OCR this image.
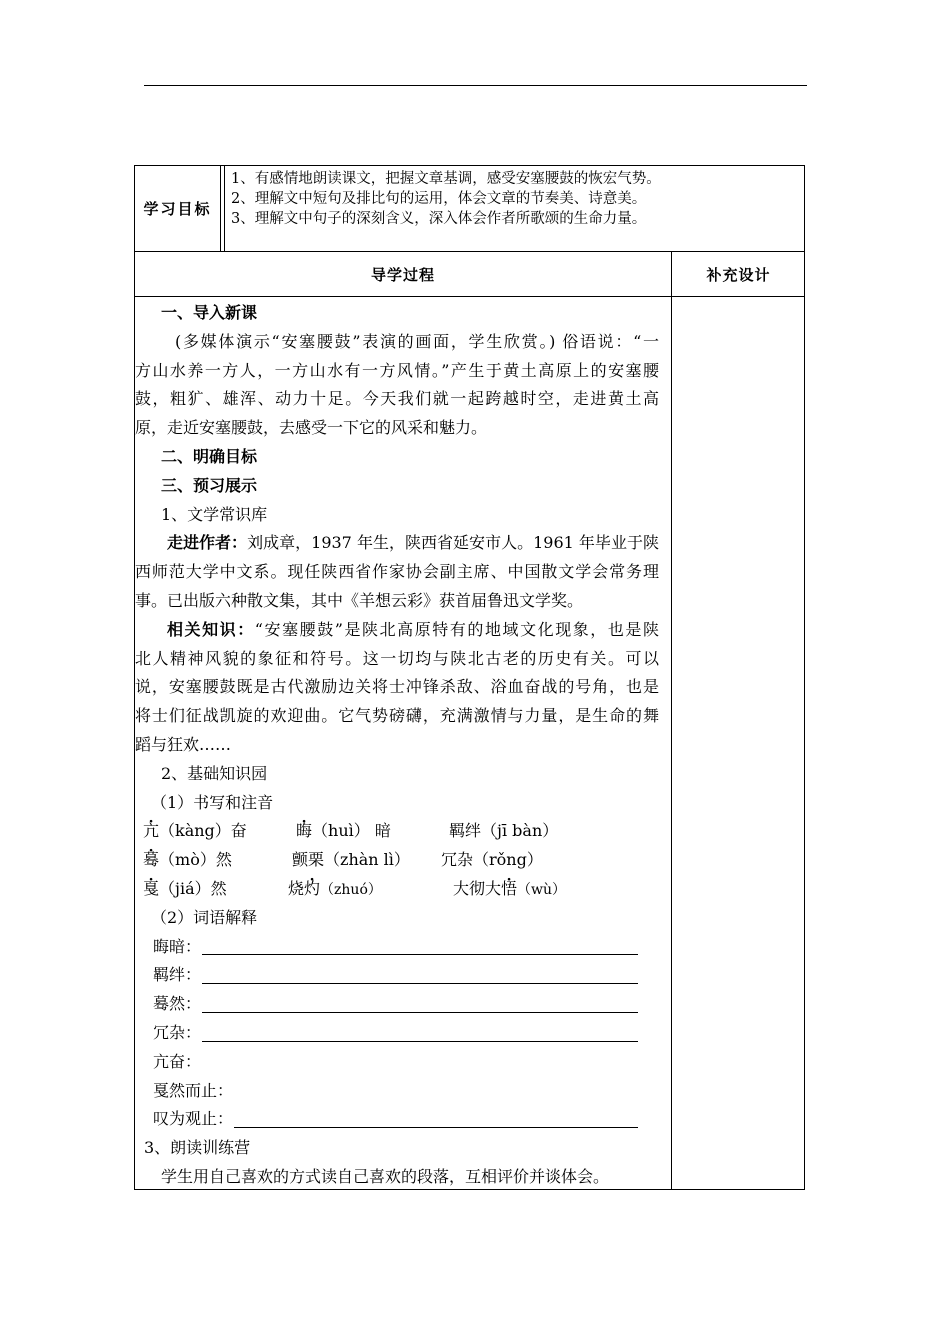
学习目标
1、有感情地朗读课文，把握文章基调，感受安塞腰鼓的恢宏气势。
2、理解文中短句及排比句的运用，体会文章的节奏美、诗意美。
3、理解文中句子的深刻含义，深入体会作者所歌颂的生命力量。
导学过程	补充设计
一、导入新课
(多媒体演示“安塞腰鼓”表演的画面，学生欣赏。) 俗语说：“一
方山水养一方人，一方山水有一方风情。”产生于黄土高原上的安塞腰
鼓，粗犷、雄浑、动力十足。今天我们就一起跨越时空，走进黄土高
原，走近安塞腰鼓，去感受一下它的风采和魅力。
二、明确目标
三、预习展示
1、文学常识库
走进作者：刘成章，1937 年生，陕西省延安市人。1961 年毕业于陕
西师范大学中文系。现任陕西省作家协会副主席、中国散文学会常务理
事。已出版六种散文集，其中《羊想云彩》获首届鲁迅文学奖。
相关知识：“安塞腰鼓”是陕北高原特有的地域文化现象，也是陕
北人精神风貌的象征和符号。这一切均与陕北古老的历史有关。可以
说，安塞腰鼓既是古代激励边关将士冲锋杀敌、浴血奋战的号角，也是
将士们征战凯旋的欢迎曲。它气势磅礴，充满激情与力量，是生命的舞
蹈与狂欢……
2、基础知识园
（1）书写和注音
亢（kàng）奋	晦（huì） 暗	羁绊（jī bàn）
蓦（mò）然	颤栗（zhàn lì） 冗杂（rǒng）
戛（jiá）然	烧灼（zhuó）	大彻大悟（wù）
（2）词语解释
晦暗：
羁绊：
蓦然：
冗杂：
亢奋：
戛然而止：
叹为观止：
3、朗读训练营
学生用自己喜欢的方式读自己喜欢的段落，互相评价并谈体会。
